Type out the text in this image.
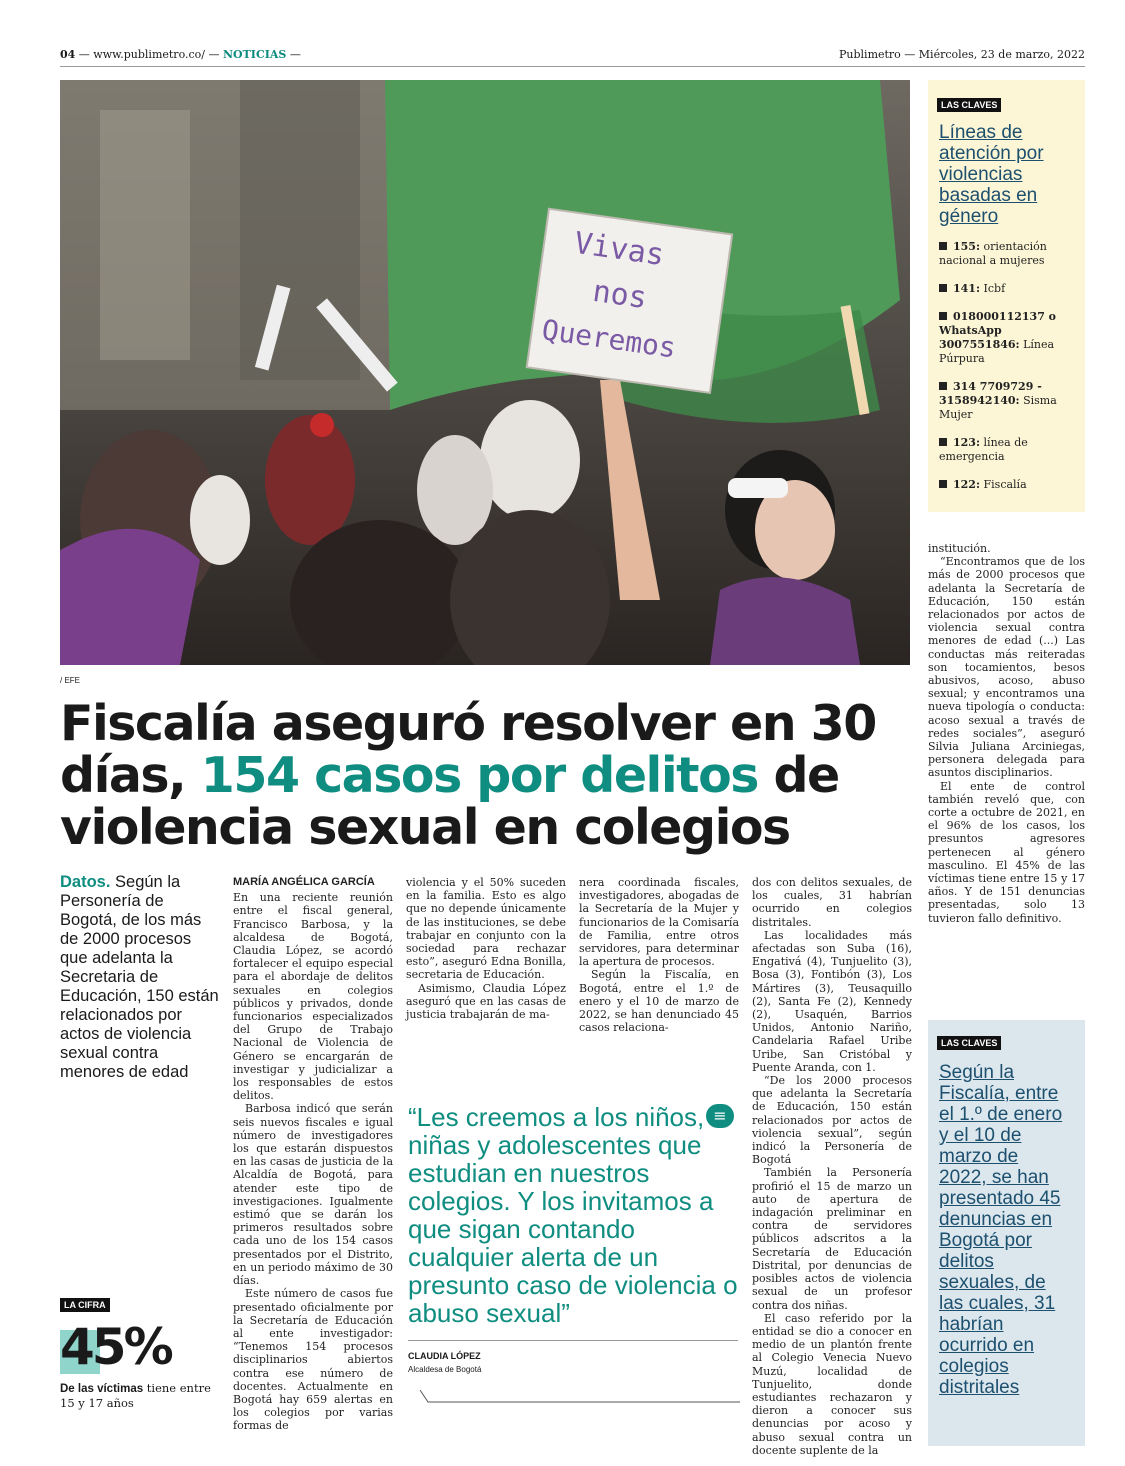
04 — www.publimetro.co/ — NOTICIAS —	Publimetro — Miércoles, 23 de marzo, 2022
Vivas
nos
Queremos
/ EFE
Fiscalía aseguró resolver en 30 días, 154 casos por delitos de violencia sexual en colegios
Datos. Según la Personería de Bogotá, de los más de 2000 procesos que adelanta la Secretaria de Educación, 150 están relacionados por actos de violencia sexual contra menores de edad
LA CIFRA
45%
De las víctimas tiene entre 15 y 17 años
MARÍA ANGÉLICA GARCÍA

En una reciente reunión entre el fiscal general, Francisco Barbosa, y la alcaldesa de Bogotá, Claudia López, se acordó fortalecer el equipo especial para el abordaje de delitos sexuales en colegios públicos y privados, donde funcionarios especializados del Grupo de Trabajo Nacional de Violencia de Género se encargarán de investigar y judicializar a los responsables de estos delitos.

Barbosa indicó que serán seis nuevos fiscales e igual número de investigadores los que estarán dispuestos en las casas de justicia de la Alcaldía de Bogotá, para atender este tipo de investigaciones. Igualmente estimó que se darán los primeros resultados sobre cada uno de los 154 casos presentados por el Distrito, en un periodo máximo de 30 días.

Este número de casos fue presentado oficialmente por la Secretaría de Educación al ente investigador: “Tenemos 154 procesos disciplinarios abiertos contra ese número de docentes. Actualmente en Bogotá hay 659 alertas en los colegios por varias formas de

violencia y el 50% suceden en la familia. Esto es algo que no depende únicamente de las instituciones, se debe trabajar en conjunto con la sociedad para rechazar esto”, aseguró Edna Bonilla, secretaria de Educación.

Asimismo, Claudia López aseguró que en las casas de justicia trabajarán de ma-

nera coordinada fiscales, investigadores, abogadas de la Secretaría de la Mujer y funcionarios de la Comisaría de Familia, entre otros servidores, para determinar la apertura de procesos.

Según la Fiscalía, en Bogotá, entre el 1.º de enero y el 10 de marzo de 2022, se han denunciado 45 casos relaciona-

dos con delitos sexuales, de los cuales, 31 habrían ocurrido en colegios distritales.

Las localidades más afectadas son Suba (16), Engativá (4), Tunjuelito (3), Bosa (3), Fontibón (3), Los Mártires (3), Teusaquillo (2), Santa Fe (2), Kennedy (2), Usaquén, Barrios Unidos, Antonio Nariño, Candelaria Rafael Uribe Uribe, San Cristóbal y Puente Aranda, con 1.

“De los 2000 procesos que adelanta la Secretaría de Educación, 150 están relacionados por actos de violencia sexual”, según indicó la Personería de Bogotá

También la Personería profirió el 15 de marzo un auto de apertura de indagación preliminar en contra de servidores públicos adscritos a la Secretaría de Educación Distrital, por denuncias de posibles actos de violencia sexual de un profesor contra dos niñas.

El caso referido por la entidad se dio a conocer en medio de un plantón frente al Colegio Venecia Nuevo Muzú, localidad de Tunjuelito, donde estudiantes rechazaron y dieron a conocer sus denuncias por acoso y abuso sexual contra un docente suplente de la

institución.

“Encontramos que de los más de 2000 procesos que adelanta la Secretaría de Educación, 150 están relacionados por actos de violencia sexual contra menores de edad (...) Las conductas más reiteradas son tocamientos, besos abusivos, acoso, abuso sexual; y encontramos una nueva tipología o conducta: acoso sexual a través de redes sociales”, aseguró Silvia Juliana Arciniegas, personera delegada para asuntos disciplinarios.

El ente de control también reveló que, con corte a octubre de 2021, en el 96% de los casos, los presuntos agresores pertenecen al género masculino. El 45% de las víctimas tiene entre 15 y 17 años. Y de 151 denuncias presentadas, solo 13 tuvieron fallo definitivo.

“Les creemos a los niños, niñas y adolescentes que estudian en nuestros colegios. Y los invitamos a que sigan contando cualquier alerta de un presunto caso de violencia o abuso sexual”
≡
CLAUDIA LÓPEZ
Alcaldesa de Bogotá
LAS CLAVES
Líneas de atención por violencias basadas en género
155: orientación nacional a mujeres
141: Icbf
018000112137 o WhatsApp 3007551846: Línea Púrpura
314 7709729 - 3158942140: Sisma Mujer
123: línea de emergencia
122: Fiscalía
LAS CLAVES
Según la Fiscalía, entre el 1.º de enero y el 10 de marzo de 2022, se han presentado 45 denuncias en Bogotá por delitos sexuales, de las cuales, 31 habrían ocurrido en colegios distritales
